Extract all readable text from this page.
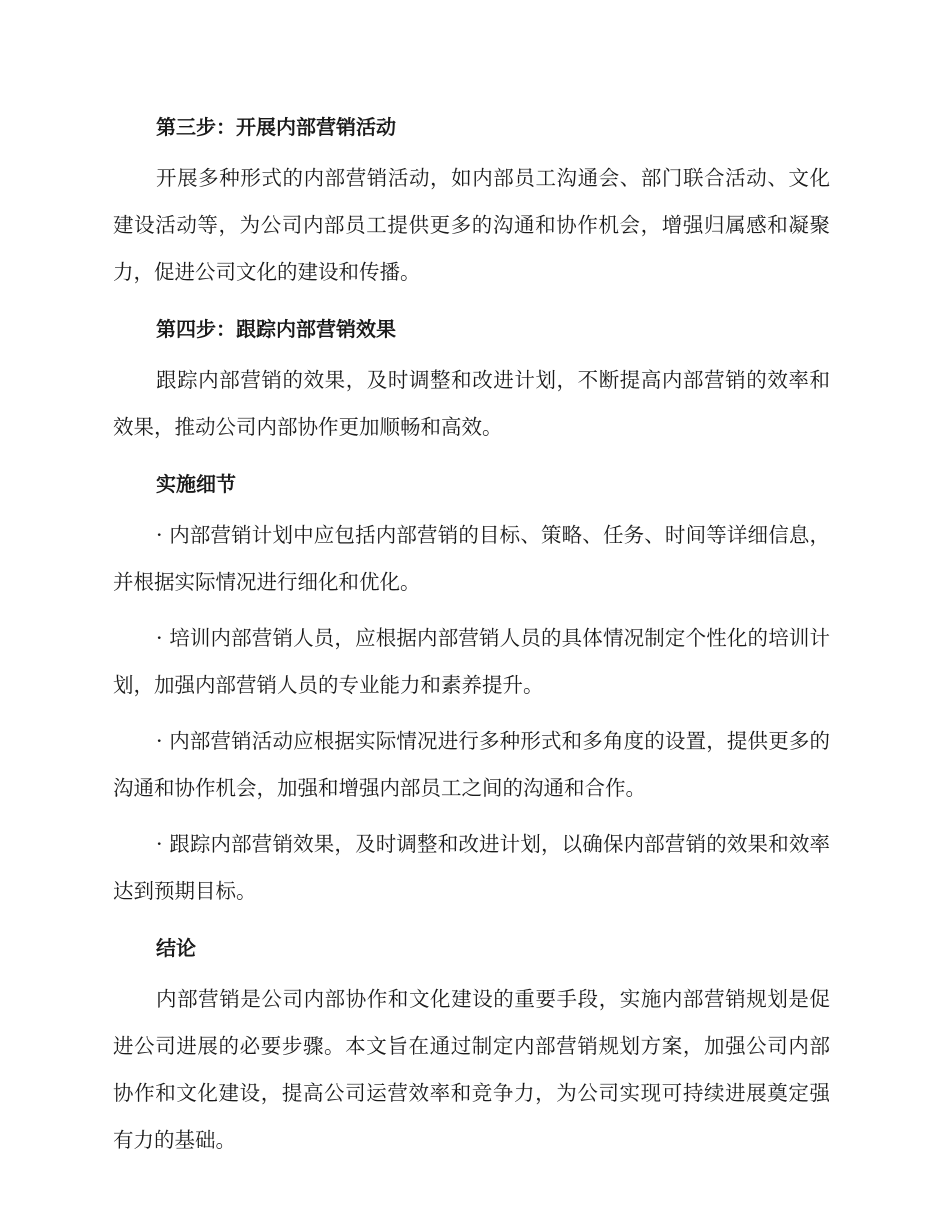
第三步：开展内部营销活动

开展多种形式的内部营销活动，如内部员工沟通会、部门联合活动、文化建设活动等，为公司内部员工提供更多的沟通和协作机会，增强归属感和凝聚力，促进公司文化的建设和传播。

第四步：跟踪内部营销效果

跟踪内部营销的效果，及时调整和改进计划，不断提高内部营销的效率和效果，推动公司内部协作更加顺畅和高效。

实施细节

· 内部营销计划中应包括内部营销的目标、策略、任务、时间等详细信息，并根据实际情况进行细化和优化。

· 培训内部营销人员，应根据内部营销人员的具体情况制定个性化的培训计划，加强内部营销人员的专业能力和素养提升。

· 内部营销活动应根据实际情况进行多种形式和多角度的设置，提供更多的沟通和协作机会，加强和增强内部员工之间的沟通和合作。

· 跟踪内部营销效果，及时调整和改进计划，以确保内部营销的效果和效率达到预期目标。

结论

内部营销是公司内部协作和文化建设的重要手段，实施内部营销规划是促进公司进展的必要步骤。本文旨在通过制定内部营销规划方案，加强公司内部协作和文化建设，提高公司运营效率和竞争力，为公司实现可持续进展奠定强有力的基础。
